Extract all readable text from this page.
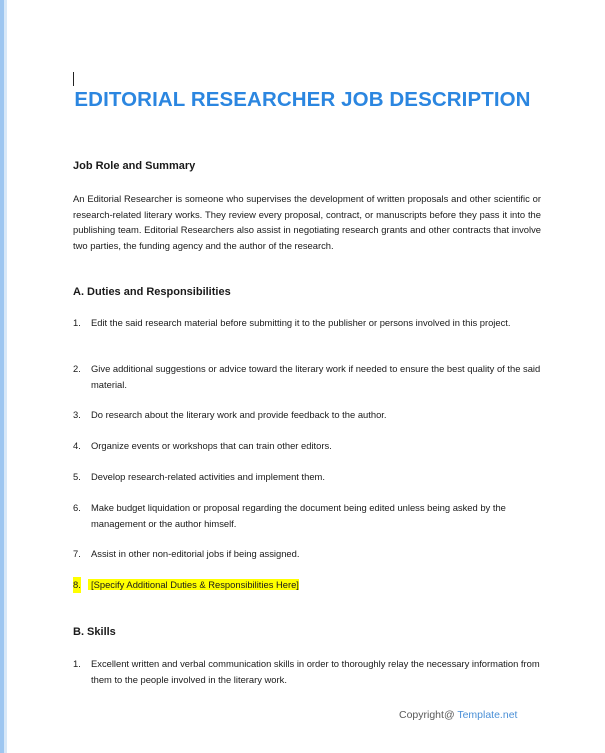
EDITORIAL RESEARCHER JOB DESCRIPTION
Job Role and Summary

An Editorial Researcher is someone who supervises the development of written proposals and other scientific or research-related literary works. They review every proposal, contract, or manuscripts before they pass it into the publishing team. Editorial Researchers also assist in negotiating research grants and other contracts that involve two parties, the funding agency and the author of the research.

A. Duties and Responsibilities
1. Edit the said research material before submitting it to the publisher or persons involved in this project.
2. Give additional suggestions or advice toward the literary work if needed to ensure the best quality of the said material.
3. Do research about the literary work and provide feedback to the author.
4. Organize events or workshops that can train other editors.
5. Develop research-related activities and implement them.
6. Make budget liquidation or proposal regarding the document being edited unless being asked by the management or the author himself.
7. Assist in other non-editorial jobs if being assigned.
8. [Specify Additional Duties & Responsibilities Here]
B. Skills
1. Excellent written and verbal communication skills in order to thoroughly relay the necessary information from them to the people involved in the literary work.
Copyright@ Template.net
